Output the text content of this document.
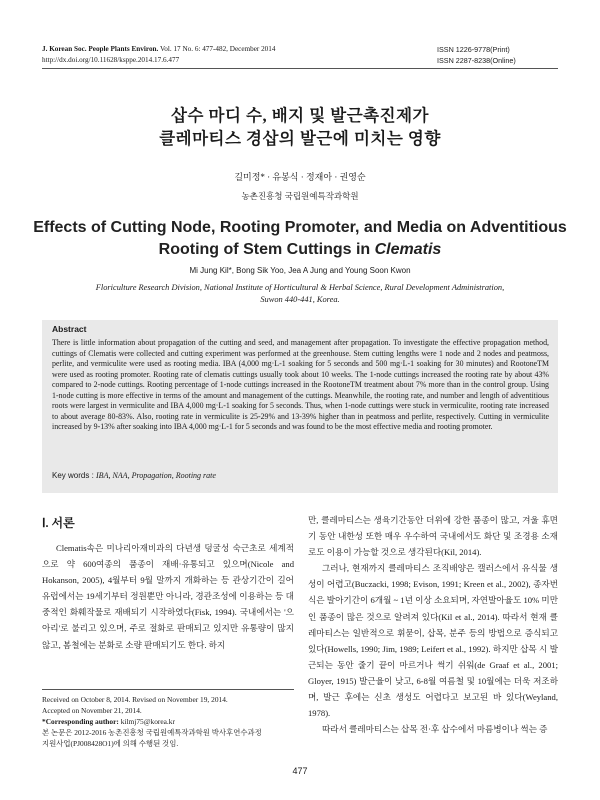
J. Korean Soc. People Plants Environ. Vol. 17 No. 6: 477-482, December 2014
http://dx.doi.org/10.11628/ksppe.2014.17.6.477
ISSN 1226-9778(Print)
ISSN 2287-8238(Online)
삽수 마디 수, 배지 및 발근촉진제가
클레마티스 경삽의 발근에 미치는 영향
길미정* · 유봉식 · 정재아 · 권영순
농촌진흥청 국립원예특작과학원
Effects of Cutting Node, Rooting Promoter, and Media on Adventitious
Rooting of Stem Cuttings in Clematis
Mi Jung Kil*, Bong Sik Yoo, Jea A Jung and Young Soon Kwon
Floriculture Research Division, National Institute of Horticultural & Herbal Science, Rural Development Administration,
Suwon 440-441, Korea.
Abstract
There is little information about propagation of the cutting and seed, and management after propagation. To investigate the effective propagation method, cuttings of Clematis were collected and cutting experiment was performed at the greenhouse. Stem cutting lengths were 1 node and 2 nodes and peatmoss, perlite, and vermiculite were used as rooting media. IBA (4,000 mg·L-1 soaking for 5 seconds and 500 mg·L-1 soaking for 30 minutes) and RootoneTM were used as rooting promoter. Rooting rate of clematis cuttings usually took about 10 weeks. The 1-node cuttings increased the rooting rate by about 43% compared to 2-node cuttings. Rooting percentage of 1-node cuttings increased in the RootoneTM treatment about 7% more than in the control group. Using 1-node cutting is more effective in terms of the amount and management of the cuttings. Meanwhile, the rooting rate, and number and length of adventitious roots were largest in vermiculite and IBA 4,000 mg·L-1 soaking for 5 seconds. Thus, when 1-node cuttings were stuck in vermiculite, rooting rate increased to about average 80-83%. Also, rooting rate in vermiculite is 25-29% and 13-39% higher than in peatmoss and perlite, respectively. Cutting in vermiculite increased by 9-13% after soaking into IBA 4,000 mg·L-1 for 5 seconds and was found to be the most effective media and rooting promoter.
Key words : IBA, NAA, Propagation, Rooting rate
Ⅰ. 서론

Clematis속은 미나리아재비과의 다년생 덩굴성 숙근초로 세계적으로 약 600여종의 품종이 재배·유통되고 있으며(Nicole and Hokanson, 2005), 4월부터 9월 말까지 개화하는 등 관상기간이 길어 유럽에서는 19세기부터 정원뿐만 아니라, 경관조성에 이용하는 등 대중적인 화훼작물로 재배되기 시작하였다(Fisk, 1994). 국내에서는 '으아리'로 불리고 있으며, 주로 절화로 판매되고 있지만 유통량이 많지 않고, 봄철에는 분화로 소량 판매되기도 한다. 하지

Received on October 8, 2014. Revised on November 19, 2014.
Accepted on November 21, 2014.
*Corresponding author: kilmj75@korea.kr
본 논문은 2012-2016 농촌진흥청 국립원예특작과학원 박사후연수과정
지원사업(PJ008428O1)에 의해 수행된 것임.

만, 클레마티스는 생육기간동안 더위에 강한 품종이 많고, 겨울 휴면기 동안 내한성 또한 매우 우수하여 국내에서도 화단 및 조경용 소재로도 이용이 가능할 것으로 생각된다(Kil, 2014).

그러나, 현재까지 클레마티스 조직배양은 캘러스에서 유식물 생성이 어렵고(Buczacki, 1998; Evison, 1991; Kreen et al., 2002), 종자번식은 발아기간이 6개월 ~ 1년 이상 소요되며, 자연발아율도 10% 미만인 품종이 많은 것으로 알려져 있다(Kil et al., 2014). 따라서 현재 클레마티스는 일반적으로 휘묻이, 삽목, 분주 등의 방법으로 증식되고 있다(Howells, 1990; Jim, 1989; Leifert et al., 1992). 하지만 삽목 시 발근되는 동안 줄기 끝이 마르거나 썩기 쉬워(de Graaf et al., 2001; Gloyer, 1915) 발근율이 낮고, 6-8월 여름철 및 10월에는 더욱 저조하며, 발근 후에는 신초 생성도 어렵다고 보고된 바 있다(Weyland, 1978).

따라서 클레마티스는 삽목 전·후 삽수에서 마름병이나 썩는 증

477
